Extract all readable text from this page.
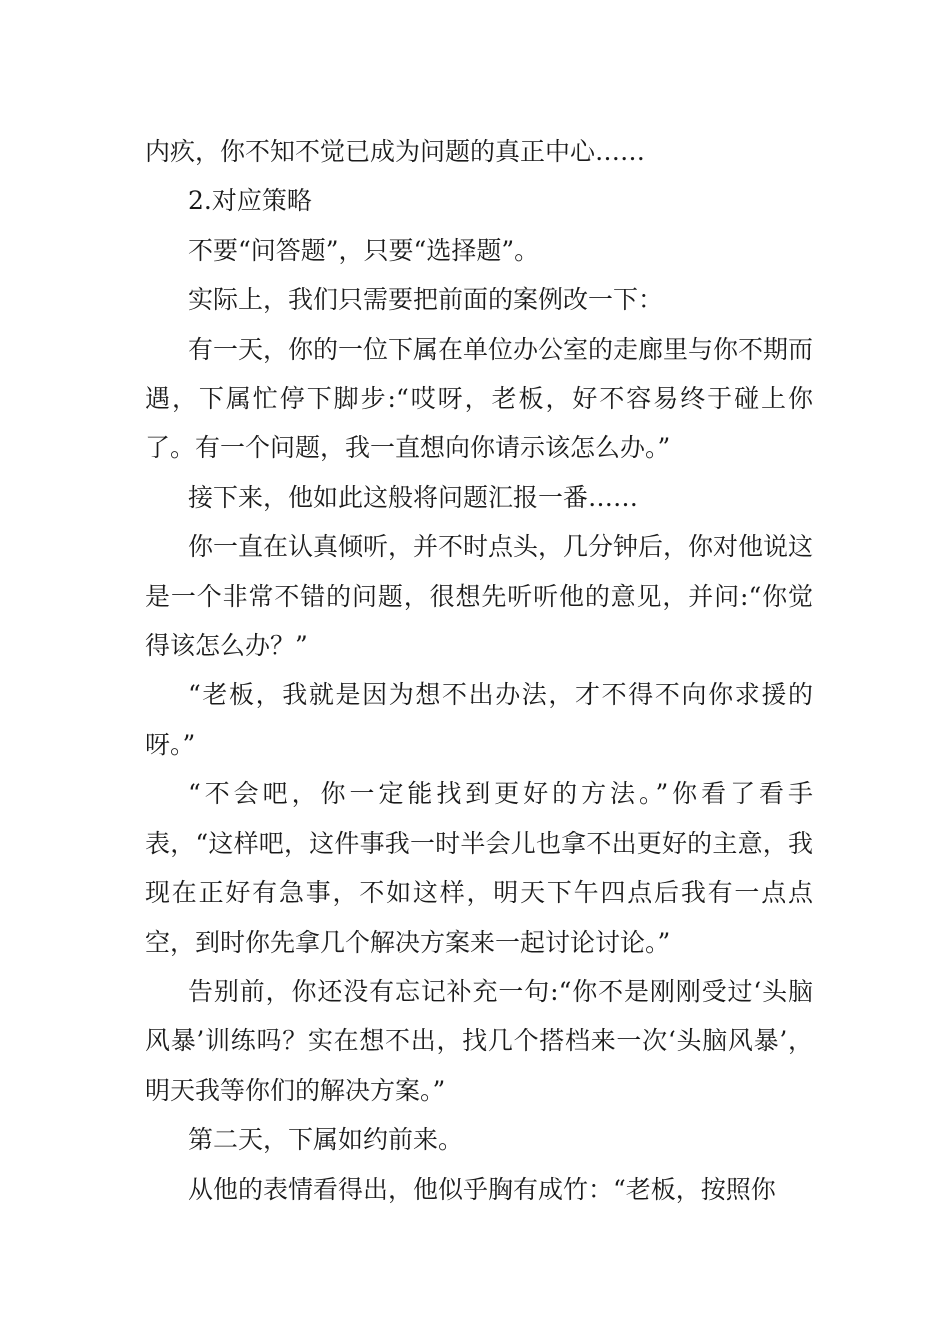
内疚，你不知不觉已成为问题的真正中心……

2.对应策略

不要“问答题”，只要“选择题”。

实际上，我们只需要把前面的案例改一下：

有一天，你的一位下属在单位办公室的走廊里与你不期而遇，下属忙停下脚步:“哎呀，老板，好不容易终于碰上你了。有一个问题，我一直想向你请示该怎么办。”

接下来，他如此这般将问题汇报一番……

你一直在认真倾听，并不时点头，几分钟后，你对他说这是一个非常不错的问题，很想先听听他的意见，并问:“你觉得该怎么办？”

“老板，我就是因为想不出办法，才不得不向你求援的呀。”

“不会吧，你一定能找到更好的方法。”你看了看手表，“这样吧，这件事我一时半会儿也拿不出更好的主意，我现在正好有急事，不如这样，明天下午四点后我有一点点空，到时你先拿几个解决方案来一起讨论讨论。”

告别前，你还没有忘记补充一句:“你不是刚刚受过‘头脑风暴’训练吗？实在想不出，找几个搭档来一次‘头脑风暴’，明天我等你们的解决方案。”

第二天，下属如约前来。

从他的表情看得出，他似乎胸有成竹：“老板，按照你
